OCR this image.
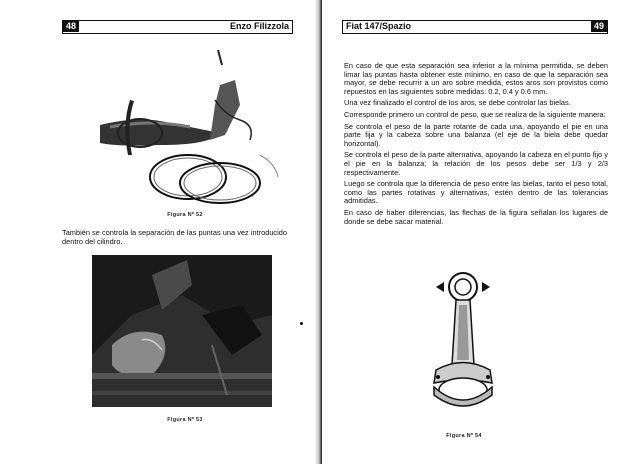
48	Enzo Filizzola
Figura Nº 52
También se controla la separación de las puntas una vez introducido dentro del cilindro.
Figura Nº 53
Fiat 147/Spazio	49

En caso de que esta separación sea inferior a la mínima permitida, se deben limar las puntas hasta obtener este mínimo, en caso de que la separación sea mayor, se debe recurrir a un aro sobre medida, estos aros son provistos como repuestos en las siguientes sobre medidas: 0.2, 0.4 y 0.6 mm.

Una vez finalizado el control de los aros, se debe controlar las bielas.

Corresponde primero un control de peso, que se realiza de la siguiente manera:

Se controla el peso de la parte rotante de cada una, apoyando el pie en una parte fija y la cabeza sobre una balanza (el eje de la biela debe quedar horizontal).

Se controla el peso de la parte alternativa, apoyando la cabeza en el punto fijo y el pie en la balanza; la relación de los pesos debe ser 1/3 y 2/3 respectivamente.

Luego se controla que la diferencia de peso entre las bielas, tanto el peso total, como las partes rotativas y alternativas, estén dentro de las tolerancias admitidas.

En caso de haber diferencias, las flechas de la figura señalan los lugares de donde se debe sacar material.

Figura Nº 54
